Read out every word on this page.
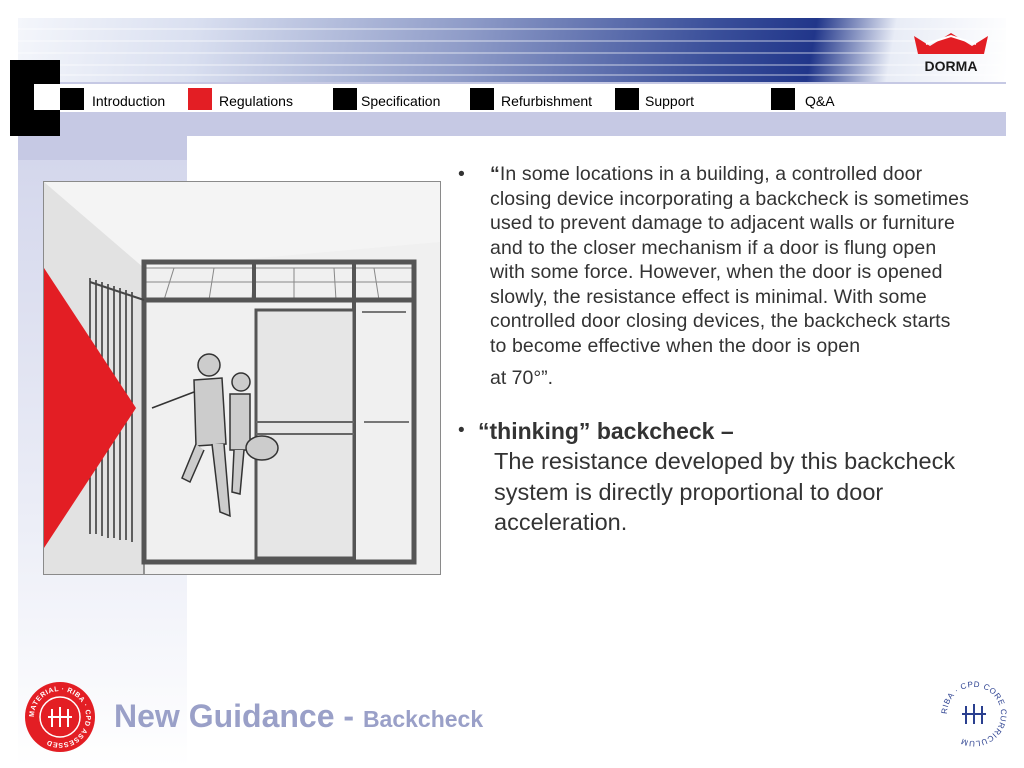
DORMA
Introduction	Regulations	Specification	Refurbishment	Support	Q&A
• “In some locations in a building, a controlled door closing device incorporating a backcheck is sometimes used to prevent damage to adjacent walls or furniture and to the closer mechanism if a door is flung open with some force. However, when the door is opened slowly, the resistance effect is minimal. With some controlled door closing devices, the backcheck starts to become effective when the door is open
at 70°”.
• “thinking” backcheck –
The resistance developed by this backcheck system is directly proportional to door acceleration.
New Guidance - Backcheck
MATERIAL · RIBA · CPD ASSESSED
RIBA · CPD CORE CURRICULUM
